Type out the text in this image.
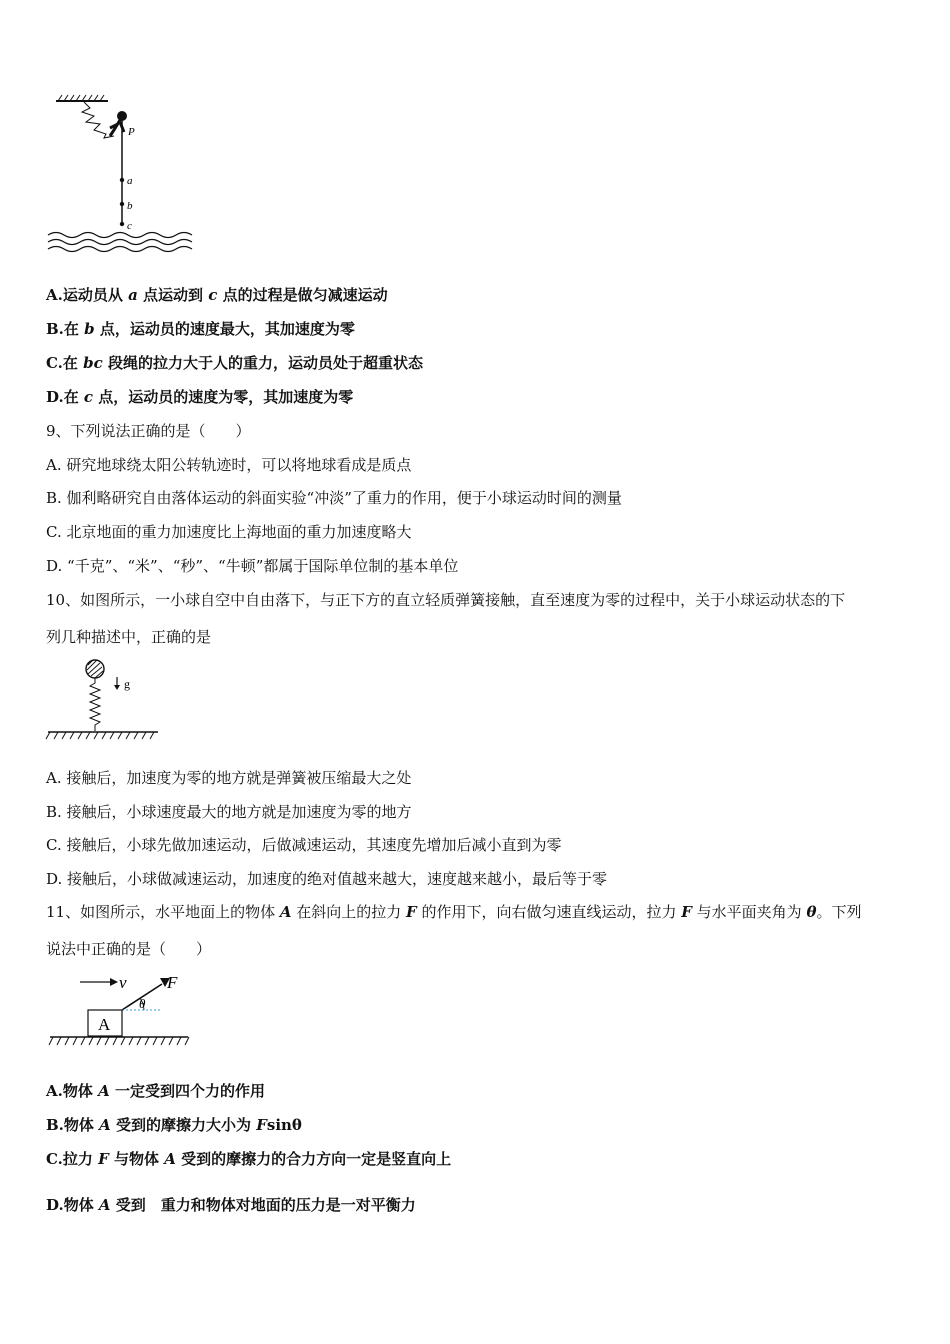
P
a
b
c
A.运动员从 a 点运动到 c 点的过程是做匀减速运动
B.在 b 点，运动员的速度最大，其加速度为零
C.在 bc 段绳的拉力大于人的重力，运动员处于超重状态
D.在 c 点，运动员的速度为零，其加速度为零
9、下列说法正确的是（　　）
A. 研究地球绕太阳公转轨迹时，可以将地球看成是质点
B. 伽利略研究自由落体运动的斜面实验“冲淡”了重力的作用，便于小球运动时间的测量
C. 北京地面的重力加速度比上海地面的重力加速度略大
D. “千克”、“米”、“秒”、“牛顿”都属于国际单位制的基本单位
10、如图所示，一小球自空中自由落下，与正下方的直立轻质弹簧接触，直至速度为零的过程中，关于小球运动状态的下
列几种描述中，正确的是
g
A. 接触后，加速度为零的地方就是弹簧被压缩最大之处
B. 接触后，小球速度最大的地方就是加速度为零的地方
C. 接触后，小球先做加速运动，后做减速运动，其速度先增加后减小直到为零
D. 接触后，小球做减速运动，加速度的绝对值越来越大，速度越来越小，最后等于零
11、如图所示，水平地面上的物体 A 在斜向上的拉力 F 的作用下，向右做匀速直线运动，拉力 F 与水平面夹角为 θ。下列
说法中正确的是（　　）
v F
θ
A
A.物体 A 一定受到四个力的作用
B.物体 A 受到的摩擦力大小为 Fsinθ
C.拉力 F 与物体 A 受到的摩擦力的合力方向一定是竖直向上
D.物体 A 受到　重力和物体对地面的压力是一对平衡力
